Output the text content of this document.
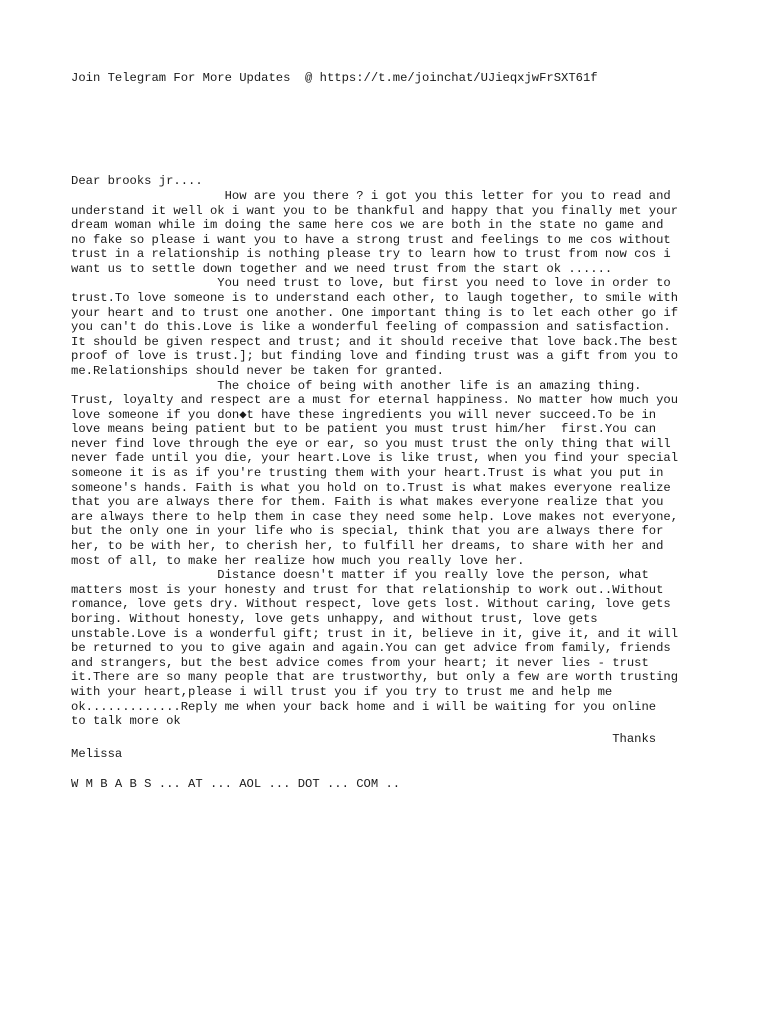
Join Telegram For More Updates  @ https://t.me/joinchat/UJieqxjwFrSXT61f

Dear brooks jr....

How are you there ? i got you this letter for you to read and

understand it well ok i want you to be thankful and happy that you finally met your

dream woman while im doing the same here cos we are both in the state no game and

no fake so please i want you to have a strong trust and feelings to me cos without

trust in a relationship is nothing please try to learn how to trust from now cos i

want us to settle down together and we need trust from the start ok ......

You need trust to love, but first you need to love in order to

trust.To love someone is to understand each other, to laugh together, to smile with

your heart and to trust one another. One important thing is to let each other go if

you can't do this.Love is like a wonderful feeling of compassion and satisfaction.

It should be given respect and trust; and it should receive that love back.The best

proof of love is trust.]; but finding love and finding trust was a gift from you to

me.Relationships should never be taken for granted.

The choice of being with another life is an amazing thing.

Trust, loyalty and respect are a must for eternal happiness. No matter how much you

love someone if you don◆t have these ingredients you will never succeed.To be in

love means being patient but to be patient you must trust him/her  first.You can

never find love through the eye or ear, so you must trust the only thing that will

never fade until you die, your heart.Love is like trust, when you find your special

someone it is as if you're trusting them with your heart.Trust is what you put in

someone's hands. Faith is what you hold on to.Trust is what makes everyone realize

that you are always there for them. Faith is what makes everyone realize that you

are always there to help them in case they need some help. Love makes not everyone,

but the only one in your life who is special, think that you are always there for

her, to be with her, to cherish her, to fulfill her dreams, to share with her and

most of all, to make her realize how much you really love her.

Distance doesn't matter if you really love the person, what

matters most is your honesty and trust for that relationship to work out..Without

romance, love gets dry. Without respect, love gets lost. Without caring, love gets

boring. Without honesty, love gets unhappy, and without trust, love gets

unstable.Love is a wonderful gift; trust in it, believe in it, give it, and it will

be returned to you to give again and again.You can get advice from family, friends

and strangers, but the best advice comes from your heart; it never lies - trust

it.There are so many people that are trustworthy, but only a few are worth trusting

with your heart,please i will trust you if you try to trust me and help me

ok.............Reply me when your back home and i will be waiting for you online

to talk more ok

Thanks

Melissa

W M B A B S ... AT ... AOL ... DOT ... COM ..
